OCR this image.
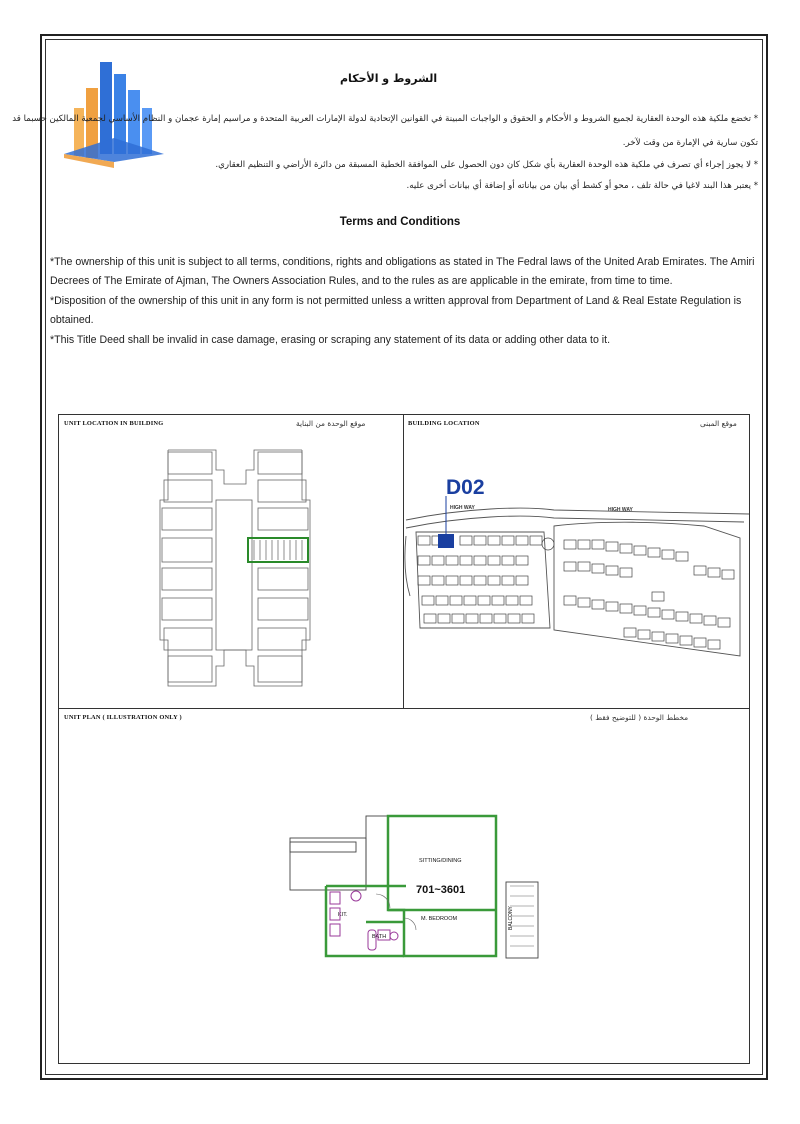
الشروط و الأحكام
* تخضع ملكية هذه الوحدة العقارية لجميع الشروط و الأحكام و الحقوق و الواجبات المبينة في القوانين الإتحادية لدولة الإمارات العربية المتحدة و مراسيم إمارة عجمان و النظام الأساسي لجمعية المالكين حسبما قد
تكون سارية في الإمارة من وقت لآخر.
* لا يجوز إجراء أي تصرف في ملكية هذه الوحدة العقارية بأي شكل كان دون الحصول على الموافقة الخطية المسبقة من دائرة الأراضي و التنظيم العقاري.
* يعتبر هذا البند لاغيا في حالة تلف ، محو أو كشط أي بيان من بياناته أو إضافة أي بيانات أخرى عليه.
Terms and Conditions
*The ownership of this unit is subject to all terms, conditions, rights and obligations as stated in The Fedral laws of the United Arab Emirates. The Amiri Decrees of The Emirate of Ajman, The Owners Association Rules, and to the rules as are applicable in the emirate, from time to time.
*Disposition of the ownership of this unit in any form is not permitted unless a written approval from Department of Land & Real Estate Regulation is obtained.
*This Title Deed shall be invalid in case damage, erasing or scraping any statement of its data or adding other data to it.
UNIT LOCATION IN BUILDING	موقع الوحدة من البناية	BUILDING LOCATION	موقع المبنى
UNIT PLAN ( ILLUSTRATION ONLY )	مخطط الوحدة ( للتوضيح فقط )
D02
HIGH WAY	HIGH WAY
701~3601
SITTING/DINING
M. BEDROOM
KIT.
BATH
BALCONY
